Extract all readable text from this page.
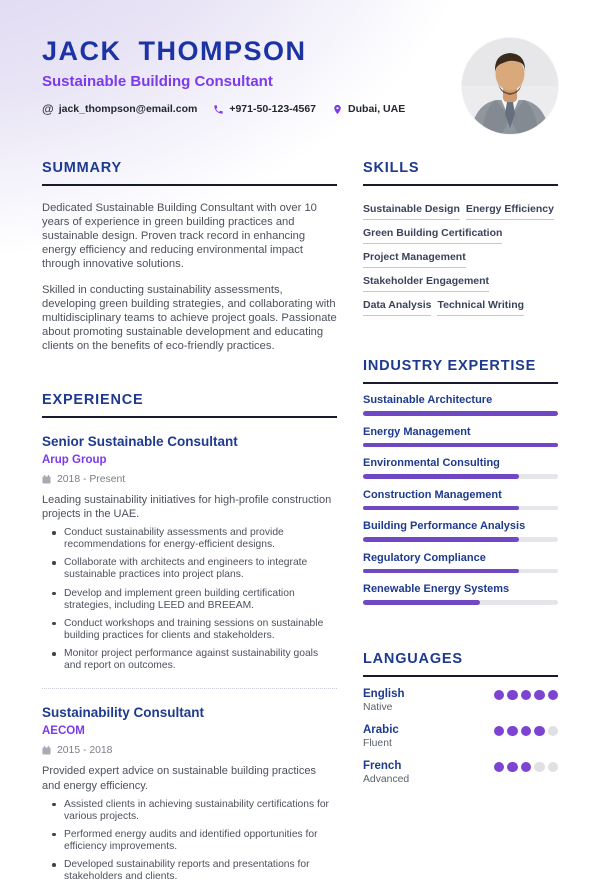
JACK THOMPSON
Sustainable Building Consultant
@ jack_thompson@email.com	+971-50-123-4567	Dubai, UAE
SUMMARY

Dedicated Sustainable Building Consultant with over 10 years of experience in green building practices and sustainable design. Proven track record in enhancing energy efficiency and reducing environmental impact through innovative solutions.

Skilled in conducting sustainability assessments, developing green building strategies, and collaborating with multidisciplinary teams to achieve project goals. Passionate about promoting sustainable development and educating clients on the benefits of eco-friendly practices.

EXPERIENCE
Senior Sustainable Consultant
Arup Group
2018 - Present

Leading sustainability initiatives for high-profile construction projects in the UAE.

Conduct sustainability assessments and provide recommendations for energy-efficient designs.
Collaborate with architects and engineers to integrate sustainable practices into project plans.
Develop and implement green building certification strategies, including LEED and BREEAM.
Conduct workshops and training sessions on sustainable building practices for clients and stakeholders.
Monitor project performance against sustainability goals and report on outcomes.
Sustainability Consultant
AECOM
2015 - 2018

Provided expert advice on sustainable building practices and energy efficiency.

Assisted clients in achieving sustainability certifications for various projects.
Performed energy audits and identified opportunities for efficiency improvements.
Developed sustainability reports and presentations for stakeholders and clients.
SKILLS
Sustainable Design Energy Efficiency
Green Building Certification
Project Management
Stakeholder Engagement
Data Analysis Technical Writing
INDUSTRY EXPERTISE
Sustainable Architecture
Energy Management
Environmental Consulting
Construction Management
Building Performance Analysis
Regulatory Compliance
Renewable Energy Systems
LANGUAGES
English
Native
Arabic
Fluent
French
Advanced
